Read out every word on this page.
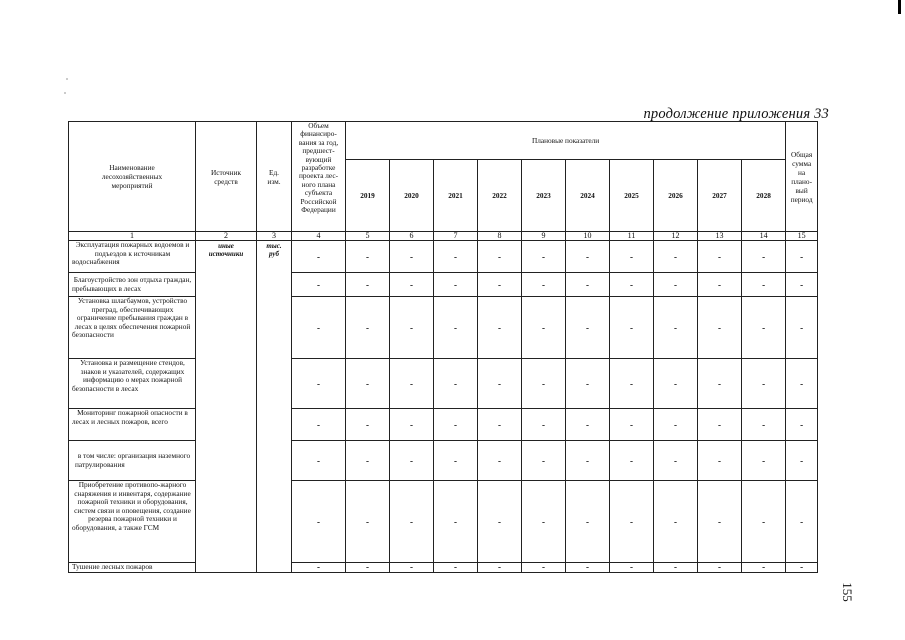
продолжение приложения 33
Наименование лесохозяйственных мероприятий	Источник средств	Ед. изм.	Объем финансиро-вания за год, предшест-вующий разработке проекта лес-ного плана субъекта Российской Федерации	Плановые показатели										Общая сумма на плано-вый период
				2019	2020	2021	2022	2023	2024	2025	2026	2027	2028	
1	2	3	4	5	6	7	8	9	10	11	12	13	14	15
Эксплуатация пожарных водоемов и подъездов к источникам водоснабжения	иные источники	тыс. руб	-	-	-	-	-	-	-	-	-	-	-	-
Благоустройство зон отдыха граждан, пребывающих в лесах			-	-	-	-	-	-	-	-	-	-	-	-
Установка шлагбаумов, устройство преград, обеспечивающих ограничение пребывания граждан в лесах в целях обеспечения пожарной безопасности			-	-	-	-	-	-	-	-	-	-	-	-
Установка и размещение стендов, знаков и указателей, содержащих информацию о мерах пожарной безопасности в лесах			-	-	-	-	-	-	-	-	-	-	-	-
Мониторинг пожарной опасности в лесах и лесных пожаров, всего			-	-	-	-	-	-	-	-	-	-	-	-
в том числе: организация наземного патрулирования			-	-	-	-	-	-	-	-	-	-	-	-
Приобретение противопо-жарного снаряжения и инвентаря, содержание пожарной техники и оборудования, систем связи и оповещения, создание резерва пожарной техники и оборудования, а также ГСМ			-	-	-	-	-	-	-	-	-	-	-	-
Тушение лесных пожаров			-	-	-	-	-	-	-	-	-	-	-	-
155
